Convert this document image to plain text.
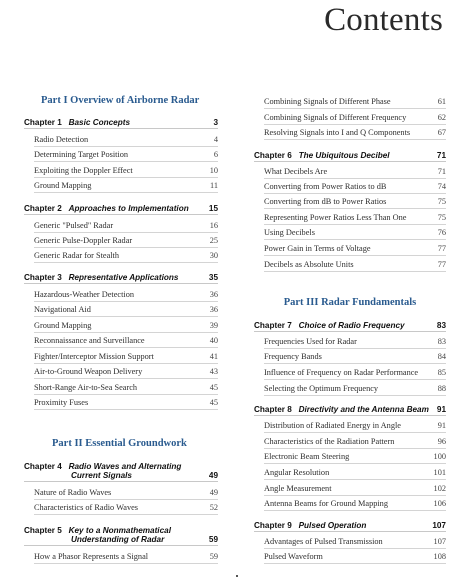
Contents
Part I Overview of Airborne Radar
Chapter 1 Basic Concepts	3
Radio Detection	4
Determining Target Position	6
Exploiting the Doppler Effect	10
Ground Mapping	11
Chapter 2 Approaches to Implementation 15
Generic "Pulsed" Radar	16
Generic Pulse-Doppler Radar	25
Generic Radar for Stealth	30
Chapter 3 Representative Applications	35
Hazardous-Weather Detection	36
Navigational Aid	36
Ground Mapping	39
Reconnaissance and Surveillance	40
Fighter/Interceptor Mission Support	41
Air-to-Ground Weapon Delivery	43
Short-Range Air-to-Sea Search	45
Proximity Fuses	45
Part II Essential Groundwork
Chapter 4 Radio Waves and Alternating
Current Signals	49
Nature of Radio Waves	49
Characteristics of Radio Waves	52
Chapter 5 Key to a Nonmathematical
Understanding of Radar	59
How a Phasor Represents a Signal	59
Combining Signals of Different Phase	61
Combining Signals of Different Frequency	62
Resolving Signals into I and Q Components	67
Chapter 6 The Ubiquitous Decibel	71
What Decibels Are	71
Converting from Power Ratios to dB	74
Converting from dB to Power Ratios	75
Representing Power Ratios Less Than One	75
Using Decibels	76
Power Gain in Terms of Voltage	77
Decibels as Absolute Units	77
Part III Radar Fundamentals
Chapter 7 Choice of Radio Frequency	83
Frequencies Used for Radar	83
Frequency Bands	84
Influence of Frequency on Radar Performance 85
Selecting the Optimum Frequency	88
Chapter 8 Directivity and the Antenna Beam 91
Distribution of Radiated Energy in Angle	91
Characteristics of the Radiation Pattern	96
Electronic Beam Steering	100
Angular Resolution	101
Angle Measurement	102
Antenna Beams for Ground Mapping	106
Chapter 9 Pulsed Operation	107
Advantages of Pulsed Transmission	107
Pulsed Waveform	108
